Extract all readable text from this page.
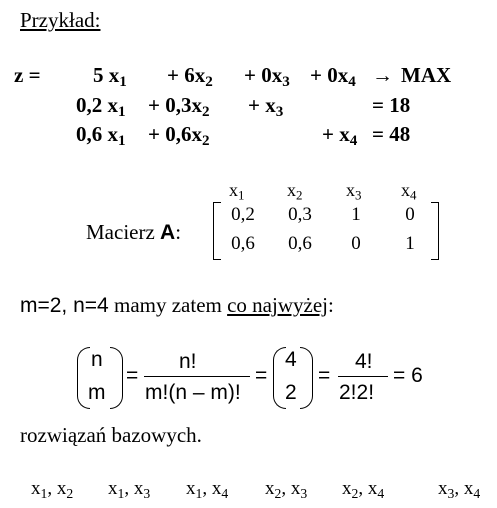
Przykład:
z = 5 $x_1 + 6x_2 + 0x_3 + 0x_4$ → MAX
0,2 $x_1 + 0,3x_2 + x_3$	= 18
0,6 $x_1 + 0,6x_2$	+ $x_4 = 48$
Macierz A:
$x_1$ $x_2$ $x_3$ $x_4$
0,2	0,3	1	0
0,6	0,6	0	1
m=2, n=4 mamy zatem co najwyżej:
n
m
=
n!
m!(n – m)!
=
4
2
=
4!
2!2!
= 6
rozwiązań bazowych.
$x_1$, $x_2$ $x_1$, $x_3$ $x_1$, $x_4$ $x_2$, $x_3$ $x_2$, $x_4$	$x_3$, $x_4$
